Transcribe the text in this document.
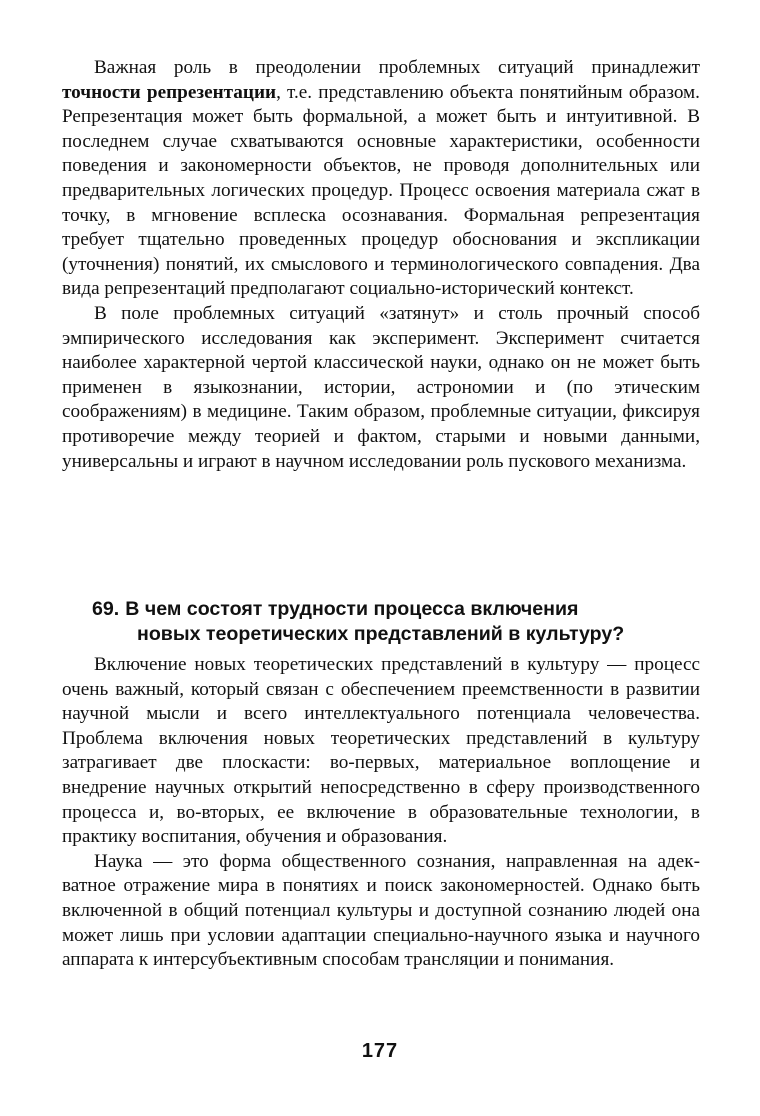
Важная роль в преодолении проблемных ситуаций принадлежит точности репрезентации, т.е. представлению объекта понятийным образом. Репрезентация может быть формальной, а может быть и интуитивной. В последнем случае схватываются основные характеристики, особенности поведения и закономерности объектов, не проводя дополнительных или предварительных логических процедур. Процесс освоения материала сжат в точку, в мгновение всплеска осознавания. Формальная репрезентация требует тщательно проведенных процедур обоснования и экспликации (уточнения) понятий, их смыслового и терминологического совпадения. Два вида репрезентаций предполагают социально-исторический контекст.

В поле проблемных ситуаций «затянут» и столь прочный способ эмпирического исследования как эксперимент. Эксперимент считается наиболее характерной чертой классической науки, однако он не может быть применен в языкознании, истории, астрономии и (по этическим соображениям) в медицине. Таким образом, проблемные ситуации, фиксируя противоречие между теорией и фактом, старыми и новыми данными, универсальны и играют в научном исследовании роль пускового механизма.

69. В чем состоят трудности процесса включения
новых теоретических представлений в культуру?

Включение новых теоретических представлений в культуру — процесс очень важный, который связан с обеспечением преемственности в развитии научной мысли и всего интеллектуального потенциала человечества. Проблема включения новых теоретических представлений в культуру затрагивает две плоскасти: во-первых, материальное воплощение и внедрение научных открытий непосредственно в сферу производственного процесса и, во-вторых, ее включение в образовательные технологии, в практику воспитания, обучения и образования.

Наука — это форма общественного сознания, направленная на адекватное отражение мира в понятиях и поиск закономерностей. Однако быть включенной в общий потенциал культуры и доступной сознанию людей она может лишь при условии адаптации специально-научного языка и научного аппарата к интерсубъективным способам трансляции и понимания.

177
